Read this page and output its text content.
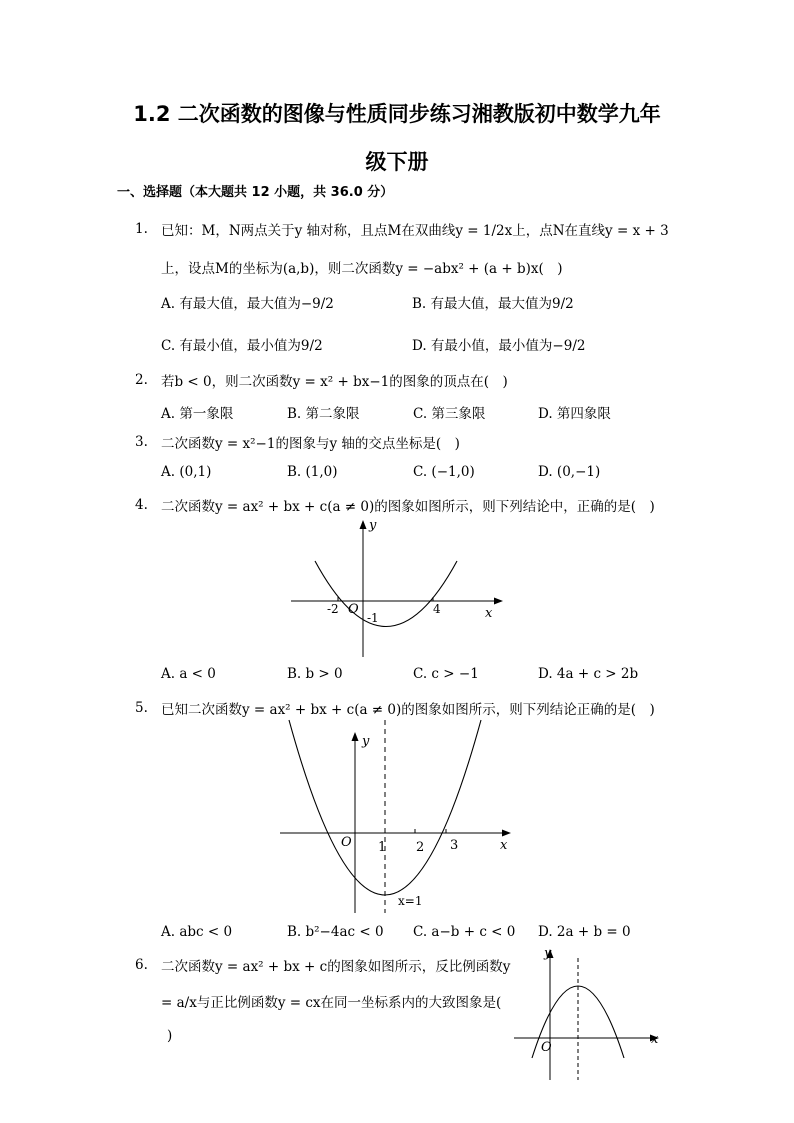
1.2 二次函数的图像与性质同步练习湘教版初中数学九年
级下册
一、选择题（本大题共 12 小题，共 36.0 分）
1. 已知：M，N两点关于y 轴对称，且点M在双曲线y = 1/2x上，点N在直线y = x + 3
上，设点M的坐标为(a,b)，则二次函数y = −abx² + (a + b)x(　)
A. 有最大值，最大值为−9/2	B. 有最大值，最大值为9/2
C. 有最小值，最小值为9/2	D. 有最小值，最小值为−9/2
2. 若b < 0，则二次函数y = x² + bx−1的图象的顶点在(　)
A. 第一象限	B. 第二象限	C. 第三象限	D. 第四象限
3. 二次函数y = x²−1的图象与y 轴的交点坐标是(　)
A. (0,1)	B. (1,0)	C. (−1,0)	D. (0,−1)
4. 二次函数y = ax² + bx + c(a ≠ 0)的图象如图所示，则下列结论中，正确的是(　)
y
x
O
-2	4
-1
A. a < 0	B. b > 0	C. c > −1	D. 4a + c > 2b
5. 已知二次函数y = ax² + bx + c(a ≠ 0)的图象如图所示，则下列结论正确的是(　)
y
x
O 1 2 3
x=1
A. abc < 0	B. b²−4ac < 0 C. a−b + c < 0 D. 2a + b = 0
6. 二次函数y = ax² + bx + c的图象如图所示，反比例函数y
= a/x与正比例函数y = cx在同一坐标系内的大致图象是(
)
y
x
O
